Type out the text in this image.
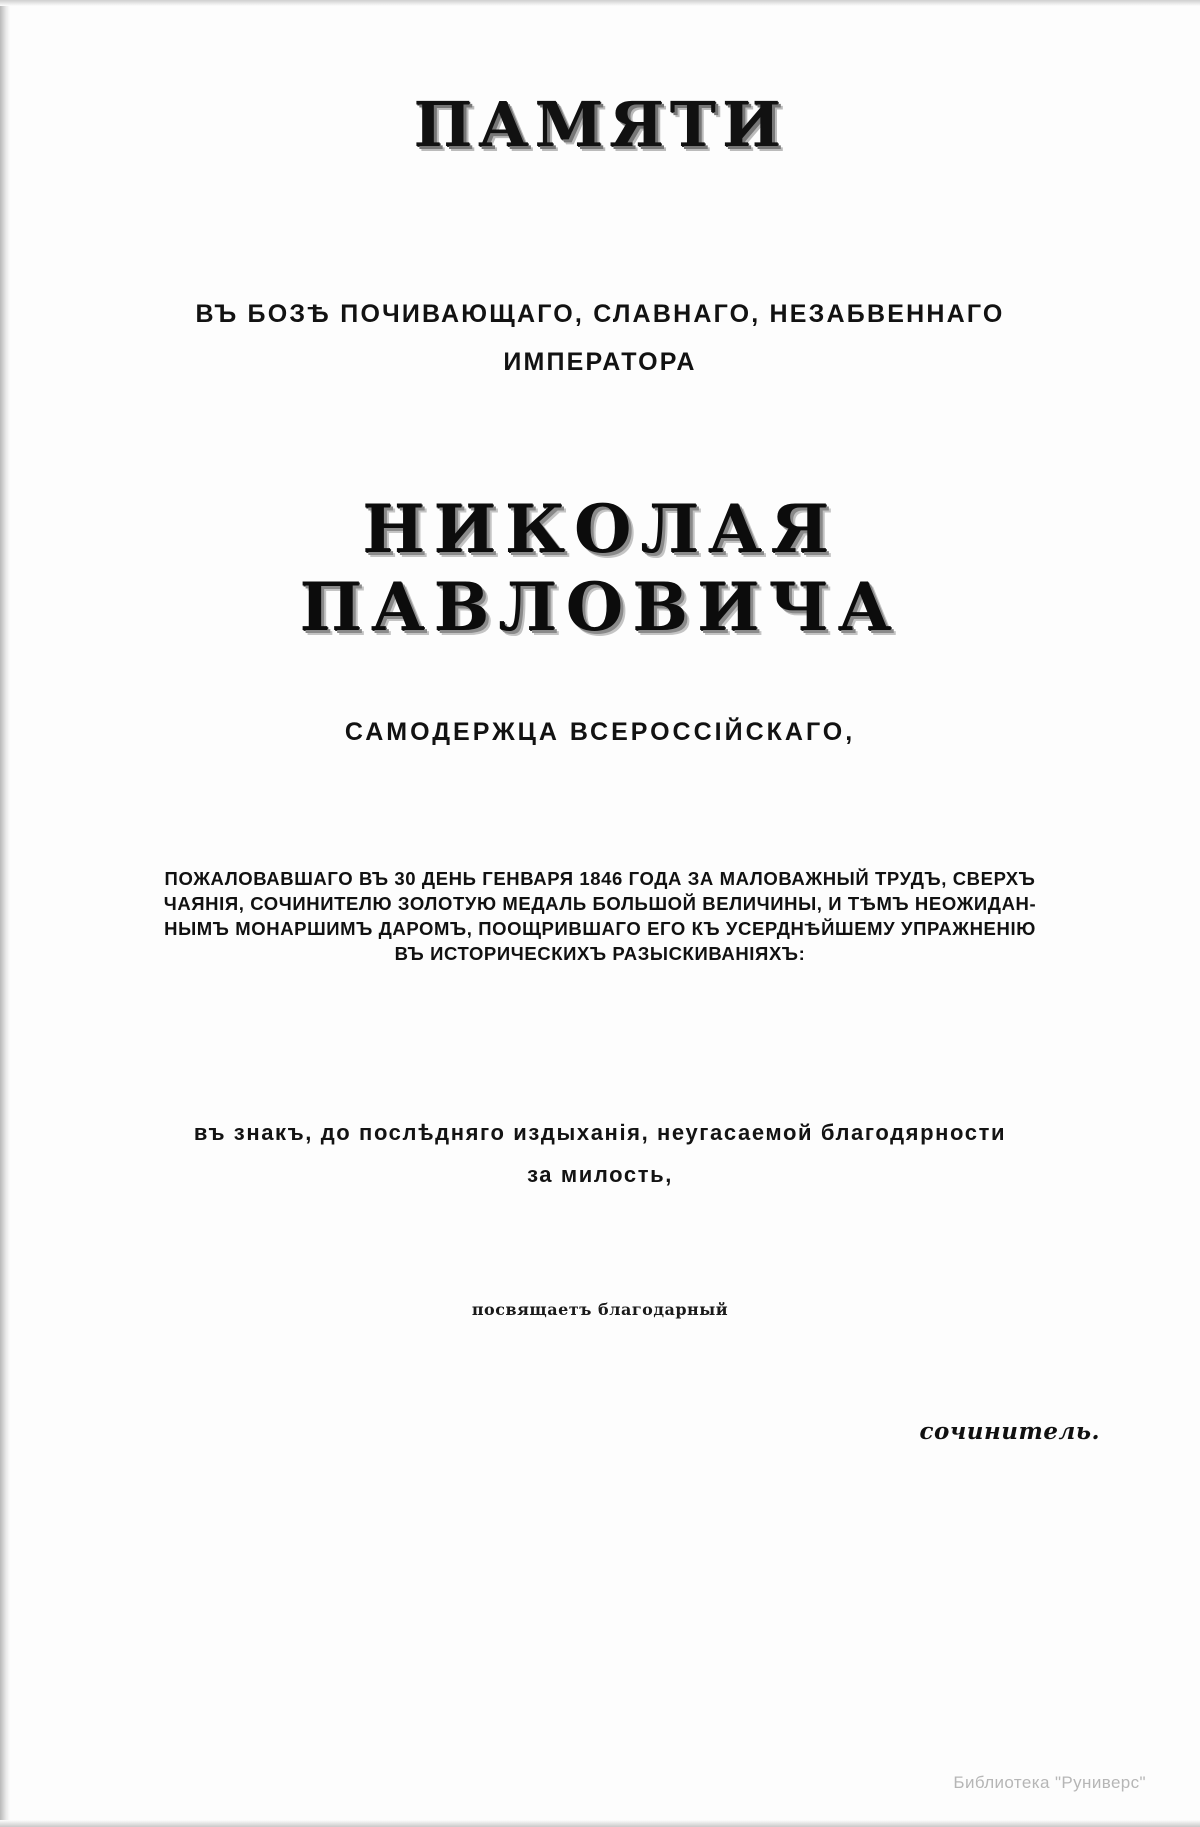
ПАМЯТИ
ВЪ БОЗѢ ПОЧИВАЮЩАГО, СЛАВНАГО, НЕЗАБВЕННАГО
ИМПЕРАТОРА
НИКОЛАЯ ПАВЛОВИЧА
САМОДЕРЖЦА ВСЕРОССІЙСКАГО,
ПОЖАЛОВАВШАГО ВЪ 30 ДЕНЬ ГЕНВАРЯ 1846 ГОДА ЗА МАЛОВАЖНЫЙ ТРУДЪ, СВЕРХЪ
ЧАЯНІЯ, СОЧИНИТЕЛЮ ЗОЛОТУЮ МЕДАЛЬ БОЛЬШОЙ ВЕЛИЧИНЫ, И ТѢМЪ НЕОЖИДАН-
НЫМЪ МОНАРШИМЪ ДАРОМЪ, ПООЩРИВШАГО ЕГО КЪ УСЕРДНѢЙШЕМУ УПРАЖНЕНІЮ
ВЪ ИСТОРИЧЕСКИХЪ РАЗЫСКИВАНІЯХЪ:
въ знакъ, до послѣдняго издыханія, неугасаемой благодярности
за милость,
посвящаетъ благодарный
сочинитель.
Библиотека "Руниверс"
